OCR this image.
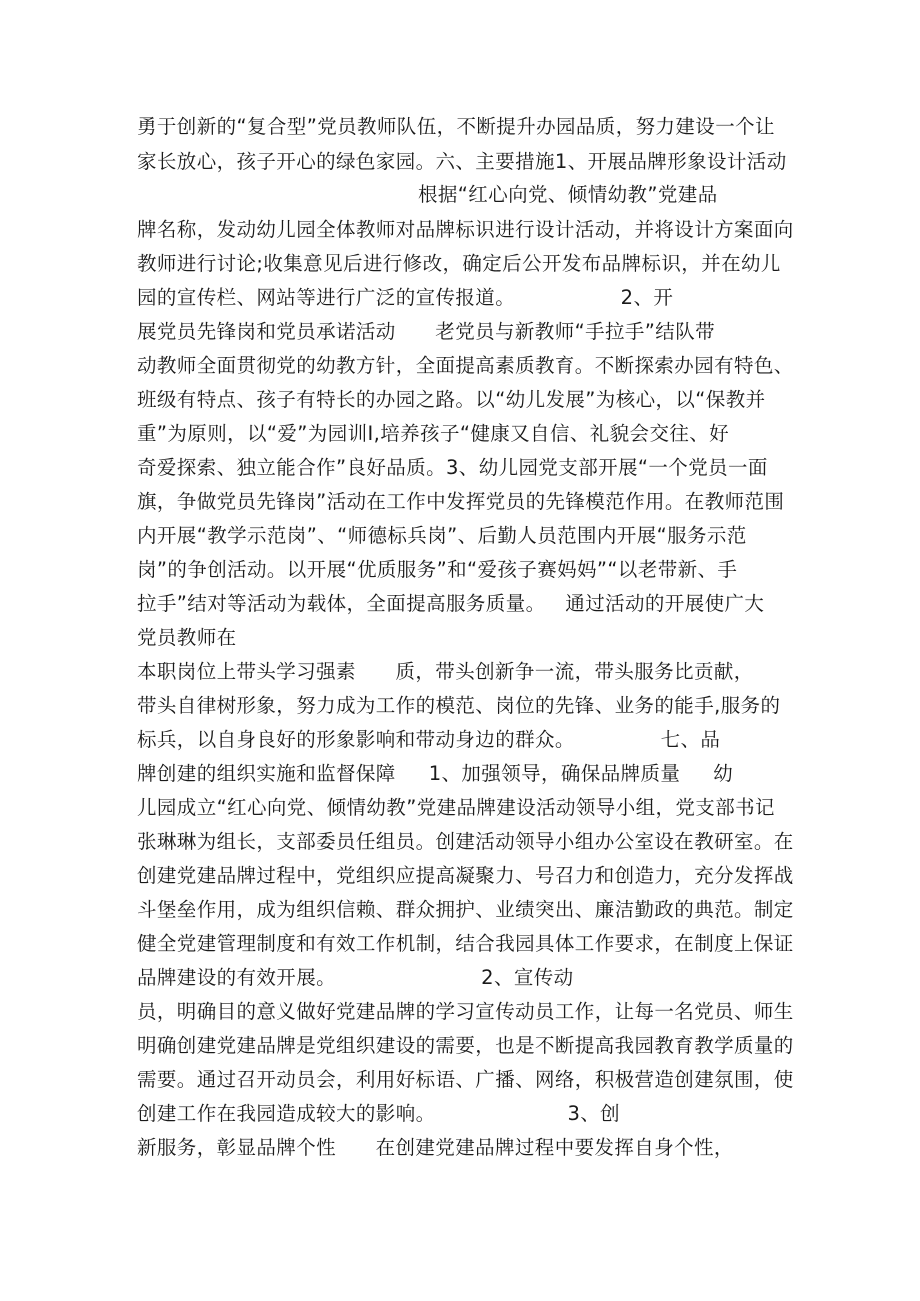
勇于创新的“复合型”党员教师队伍，不断提升办园品质，努力建设一个让
家长放心，孩子开心的绿色家园。六、主要措施1、开展品牌形象设计活动
根据“红心向党、倾情幼教”党建品
牌名称，发动幼儿园全体教师对品牌标识进行设计活动，并将设计方案面向
教师进行讨论;收集意见后进行修改，确定后公开发布品牌标识，并在幼儿
园的宣传栏、网站等进行广泛的宣传报道。                2、开
展党员先锋岗和党员承诺活动      老党员与新教师“手拉手”结队带
动教师全面贯彻党的幼教方针，全面提高素质教育。不断探索办园有特色、
班级有特点、孩子有特长的办园之路。以“幼儿发展”为核心，以“保教并
重”为原则，以“爱”为园训I,培养孩子“健康又自信、礼貌会交往、好
奇爱探索、独立能合作”良好品质。3、幼儿园党支部开展“一个党员一面
旗，争做党员先锋岗”活动在工作中发挥党员的先锋模范作用。在教师范围
内开展“教学示范岗”、“师德标兵岗”、后勤人员范围内开展“服务示范
岗”的争创活动。以开展“优质服务”和“爱孩子赛妈妈”“以老带新、手
拉手”结对等活动为载体，全面提高服务质量。   通过活动的开展使广大
党员教师在
本职岗位上带头学习强素      质，带头创新争一流，带头服务比贡献，
带头自律树形象，努力成为工作的模范、岗位的先锋、业务的能手,服务的
标兵，以自身良好的形象影响和带动身边的群众。             七、品
牌创建的组织实施和监督保障     1、加强领导，确保品牌质量     幼
儿园成立“红心向党、倾情幼教”党建品牌建设活动领导小组，党支部书记
张琳琳为组长，支部委员任组员。创建活动领导小组办公室设在教研室。在
创建党建品牌过程中，党组织应提高凝聚力、号召力和创造力，充分发挥战
斗堡垒作用，成为组织信赖、群众拥护、业绩突出、廉洁勤政的典范。制定
健全党建管理制度和有效工作机制，结合我园具体工作要求，在制度上保证
品牌建设的有效开展。                      2、宣传动
员，明确目的意义做好党建品牌的学习宣传动员工作，让每一名党员、师生
明确创建党建品牌是党组织建设的需要，也是不断提高我园教育教学质量的
需要。通过召开动员会，利用好标语、广播、网络，积极营造创建氛围，使
创建工作在我园造成较大的影响。                    3、创
新服务，彰显品牌个性      在创建党建品牌过程中要发挥自身个性，
